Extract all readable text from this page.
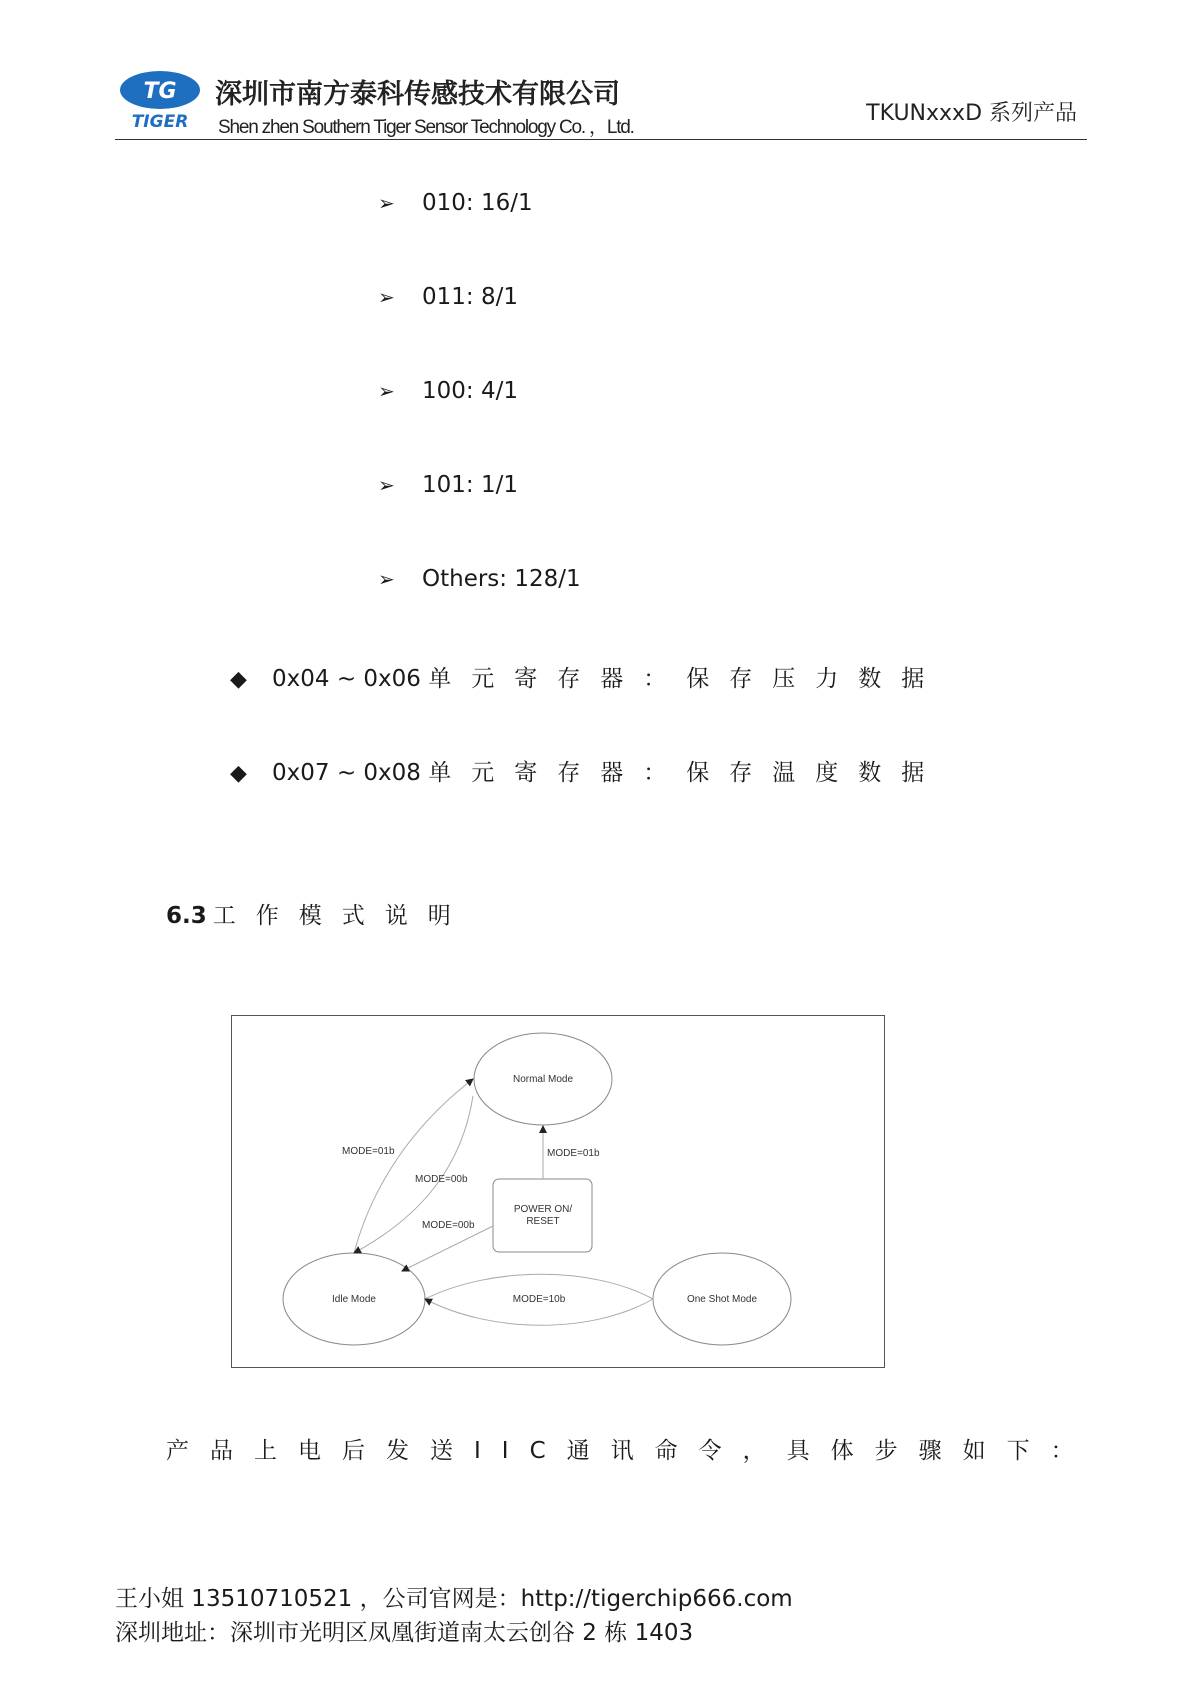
TG
TIGER
深圳市南方泰科传感技术有限公司
Shen zhen Southern Tiger Sensor Technology Co. ，Ltd.
TKUNxxxD 系列产品
➢ 010: 16/1
➢ 011: 8/1
➢ 100: 4/1
➢ 101: 1/1
➢ Others: 128/1
◆ 0x04 ~ 0x06 单元寄存器：保存压力数据
◆ 0x07 ~ 0x08 单元寄存器：保存温度数据
6.3 工作模式说明
Normal Mode
POWER ON/
RESET
Idle Mode	One Shot Mode
MODE=01b
MODE=00b
MODE=00b
MODE=01b
MODE=10b
产品上电后发送IIC通讯命令，具体步骤如下：
王小姐 13510710521 ，公司官网是：http://tigerchip666.com
深圳地址：深圳市光明区凤凰街道南太云创谷 2 栋 1403
